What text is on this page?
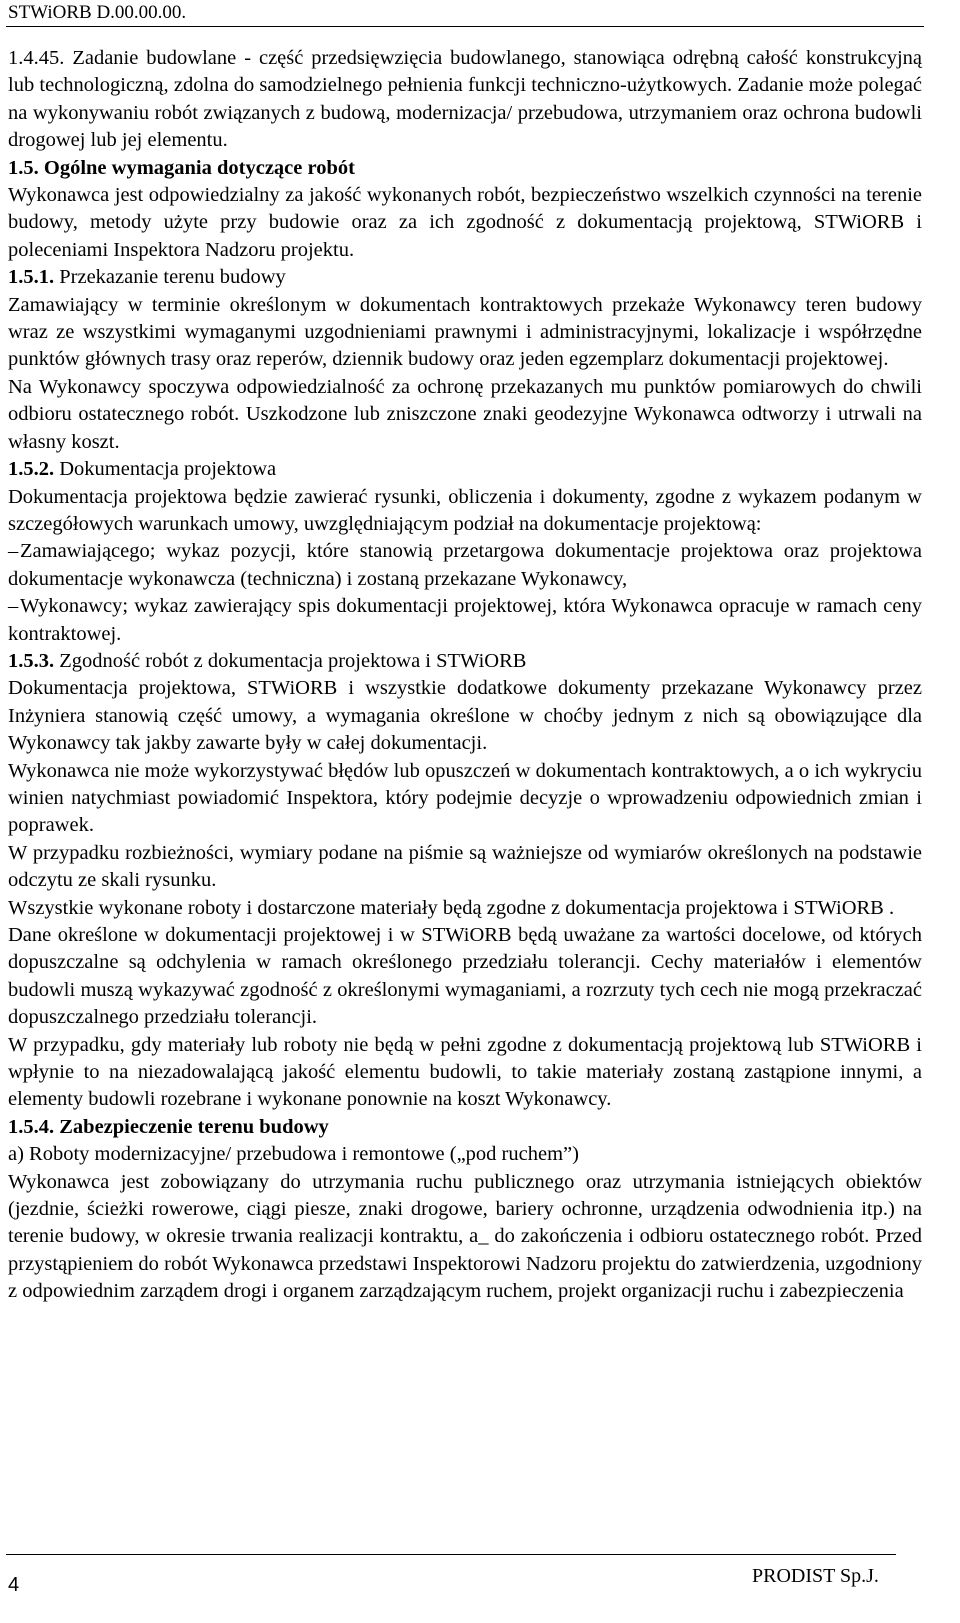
STWiORB D.00.00.00.

1.4.45. Zadanie budowlane - część przedsięwzięcia budowlanego, stanowiąca odrębną całość konstrukcyjną lub technologiczną, zdolna do samodzielnego pełnienia funkcji techniczno-użytkowych. Zadanie może polegać na wykonywaniu robót związanych z budową, modernizacja/ przebudowa, utrzymaniem oraz ochrona budowli drogowej lub jej elementu.

1.5. Ogólne wymagania dotyczące robót

Wykonawca jest odpowiedzialny za jakość wykonanych robót, bezpieczeństwo wszelkich czynności na terenie budowy, metody użyte przy budowie oraz za ich zgodność z dokumentacją projektową, STWiORB i poleceniami Inspektora Nadzoru projektu.

1.5.1. Przekazanie terenu budowy

Zamawiający w terminie określonym w dokumentach kontraktowych przekaże Wykonawcy teren budowy wraz ze wszystkimi wymaganymi uzgodnieniami prawnymi i administracyjnymi, lokalizacje i współrzędne punktów głównych trasy oraz reperów, dziennik budowy oraz jeden egzemplarz dokumentacji projektowej.

Na Wykonawcy spoczywa odpowiedzialność za ochronę przekazanych mu punktów pomiarowych do chwili odbioru ostatecznego robót. Uszkodzone lub zniszczone znaki geodezyjne Wykonawca odtworzy i utrwali na własny koszt.

1.5.2. Dokumentacja projektowa

Dokumentacja projektowa będzie zawierać rysunki, obliczenia i dokumenty, zgodne z wykazem podanym w szczegółowych warunkach umowy, uwzględniającym podział na dokumentacje projektową:

–Zamawiającego; wykaz pozycji, które stanowią przetargowa dokumentacje projektowa oraz projektowa dokumentacje wykonawcza (techniczna) i zostaną przekazane Wykonawcy,

–Wykonawcy; wykaz zawierający spis dokumentacji projektowej, która Wykonawca opracuje w ramach ceny kontraktowej.

1.5.3. Zgodność robót z dokumentacja projektowa i STWiORB

Dokumentacja projektowa, STWiORB i wszystkie dodatkowe dokumenty przekazane Wykonawcy przez Inżyniera stanowią część umowy, a wymagania określone w choćby jednym z nich są obowiązujące dla Wykonawcy tak jakby zawarte były w całej dokumentacji.

Wykonawca nie może wykorzystywać błędów lub opuszczeń w dokumentach kontraktowych, a o ich wykryciu winien natychmiast powiadomić Inspektora, który podejmie decyzje o wprowadzeniu odpowiednich zmian i poprawek.

W przypadku rozbieżności, wymiary podane na piśmie są ważniejsze od wymiarów określonych na podstawie odczytu ze skali rysunku.

Wszystkie wykonane roboty i dostarczone materiały będą zgodne z dokumentacja projektowa i STWiORB .

Dane określone w dokumentacji projektowej i w STWiORB będą uważane za wartości docelowe, od których dopuszczalne są odchylenia w ramach określonego przedziału tolerancji. Cechy materiałów i elementów budowli muszą wykazywać zgodność z określonymi wymaganiami, a rozrzuty tych cech nie mogą przekraczać dopuszczalnego przedziału tolerancji.

W przypadku, gdy materiały lub roboty nie będą w pełni zgodne z dokumentacją projektową lub STWiORB i wpłynie to na niezadowalającą jakość elementu budowli, to takie materiały zostaną zastąpione innymi, a elementy budowli rozebrane i wykonane ponownie na koszt Wykonawcy.

1.5.4. Zabezpieczenie terenu budowy

a) Roboty modernizacyjne/ przebudowa i remontowe („pod ruchem”)

Wykonawca jest zobowiązany do utrzymania ruchu publicznego oraz utrzymania istniejących obiektów (jezdnie, ścieżki rowerowe, ciągi piesze, znaki drogowe, bariery ochronne, urządzenia odwodnienia itp.) na terenie budowy, w okresie trwania realizacji kontraktu, a_ do zakończenia i odbioru ostatecznego robót. Przed przystąpieniem do robót Wykonawca przedstawi Inspektorowi Nadzoru projektu do zatwierdzenia, uzgodniony z odpowiednim zarządem drogi i organem zarządzającym ruchem, projekt organizacji ruchu i zabezpieczenia

4	PRODIST Sp.J.
